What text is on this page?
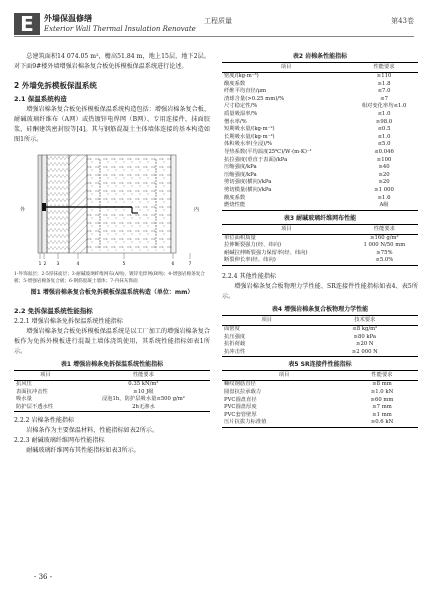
E	外墙保温修缮
Exterior Wall Thermal Insulation Renovate
工程质量	第43卷

总建筑面积14 074.05 m²，檐高51.84 m，地上15层，地下2层。对下面9#楼外墙增强岩棉条复合板免拆模板保温系统进行论述。

2 外墙免拆模板保温系统
2.1 保温系统构造

增强岩棉条复合板免拆模板保温系统构造包括：增强岩棉条复合板、耐碱玻璃纤维布（A网）或热镀锌电焊网（B网）、专用连接件、抹面胶浆、硅酮建筑密封胶等[4]。其与钢筋混凝土主体墙体连接的基本构造如图1所示。

外	内
1 2 3	4	5	6	7
1-外饰面层；2-5厚抹面层；3-耐碱玻璃纤维网布(A网)，镀锌电焊网(B网)；4-增强岩棉条复合板；5-增强岩棉条复合板；6-钢筋混凝土墙体；7-内抹灰饰面
图1 增强岩棉条复合板免拆模板保温系统构造（单位：mm）
2.2 免拆保温系统性能指标
2.2.1 增强岩棉条免拆保温系统性能指标

增强岩棉条复合板免拆模板保温系统是以工厂加工的增强岩棉条复合板作为免拆外模板进行混凝土墙体浇筑使用，其系统性能指标如表1所示。

表1 增强岩棉条免拆保温系统性能指标
项目	性能要求
抗风压	0.35 kN/m²
表面抗冲击性	≥10 J级
吸水量	浸泡1h，防护层吸水量≤500 g/m²
防护层不透水性	2h无渗水
2.2.2 岩棉条性能指标

岩棉条作为主要保温材料，性能指标如表2所示。

2.2.3 耐碱玻璃纤维网布性能指标

耐碱玻璃纤维网布其性能指标如表3所示。

表2 岩棉条性能指标
项目	性能要求
密度/(kg·m⁻³)	≥110
酸度系数	≥1.8
纤维平均直径/μm	≤7.0
渣球含量(>0.25 mm)/%	≤7
尺寸稳定性/%	相对变化率均≤1.0
质量吸湿率/%	≤1.0
憎水率/%	≥98.0
短期吸水量/(kg·m⁻²)	≤0.5
长期吸水量/(kg·m⁻²)	≤1.0
体积吸水率(全浸)/%	≤5.0
导热系数(平均温度25℃)/W·(m·K)⁻¹	≤0.046
抗拉强度(垂直于表面)/kPa	≥100
压缩强度/kPa	≥40
压缩强度/kPa	≥20
剪切强度(横向)/kPa	≥20
剪切模量(横向)/kPa	≥1 000
酸度系数	≥1.6
燃烧性能	A级
表3 耐碱玻璃纤维网布性能
项目	性能要求
单位面积质量	≥160 g/m²
拉伸断裂强力(经、纬向)	1 000 N/50 mm
耐碱拉伸断裂强力保留率(经、纬向)	≥75%
断裂伸长率(经、纬向)	≤5.0%
2.2.4 其他性能指标

增强岩棉条复合板物理力学性能、SR连接件性能指标如表4、表5所示。

表4 增强岩棉条复合板物理力学性能
项目	技术要求
面密度	≤8 kg/m²
抗压强度	≥80 kPa
抗折荷载	≥20 N
抗冲击性	≥2 000 N
表5 SR连接件性能指标
项目	性能要求
螺纹钢筋直径	≥8 mm
圆盘抗拉承载力	≥1.0 kN
PVC圆盘直径	≥60 mm
PVC圆盘厚度	≥7 mm
PVC套管壁厚	≥1 mm
压片抗拔力标准值	≥0.6 kN
- 36 -
